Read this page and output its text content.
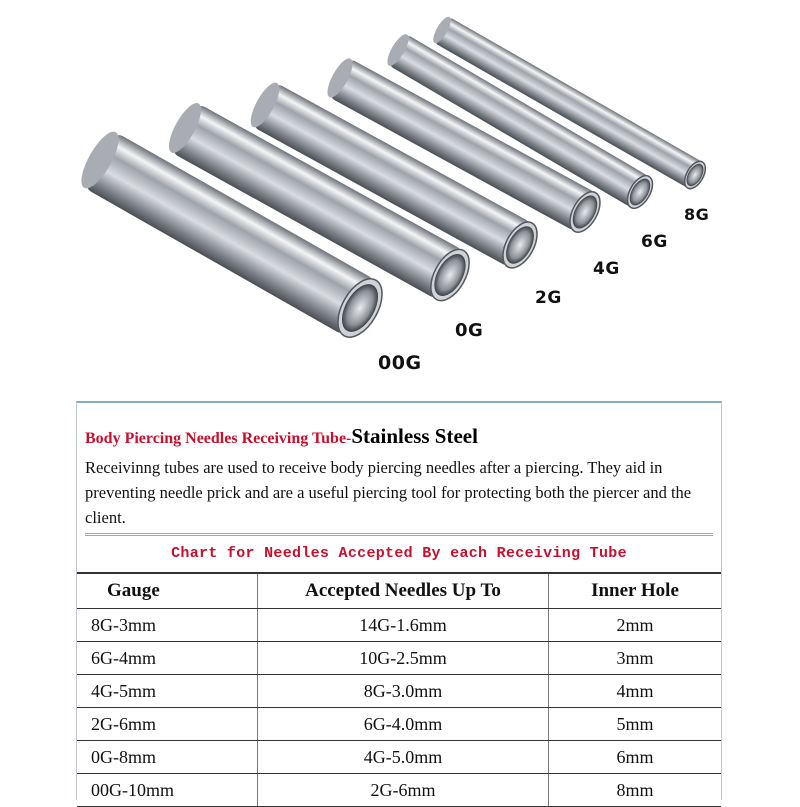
00G
0G
2G
4G
6G
8G
Body Piercing Needles Receiving Tube-Stainless Steel
Receivinng tubes are used to receive body piercing needles after a piercing. They aid in preventing needle prick and are a useful piercing tool for protecting both the piercer and the client.
Chart for Needles Accepted By each Receiving Tube
Gauge	Accepted Needles Up To	Inner Hole
8G-3mm	14G-1.6mm	2mm
6G-4mm	10G-2.5mm	3mm
4G-5mm	8G-3.0mm	4mm
2G-6mm	6G-4.0mm	5mm
0G-8mm	4G-5.0mm	6mm
00G-10mm	2G-6mm	8mm
